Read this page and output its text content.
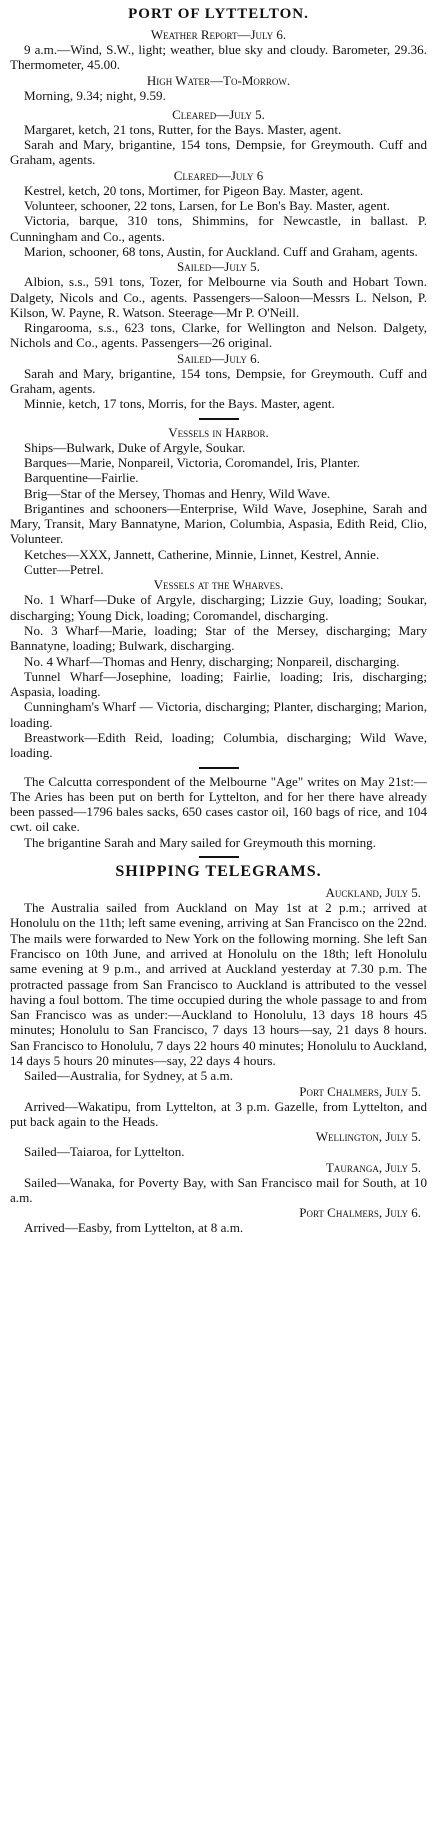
PORT OF LYTTELTON.
Weather Report—July 6.

9 a.m.—Wind, S.W., light; weather, blue sky and cloudy. Barometer, 29.36. Thermometer, 45.00.

High Water—To-Morrow.

Morning, 9.34; night, 9.59.

Cleared—July 5.

Margaret, ketch, 21 tons, Rutter, for the Bays. Master, agent.

Sarah and Mary, brigantine, 154 tons, Dempsie, for Greymouth. Cuff and Graham, agents.

Cleared—July 6

Kestrel, ketch, 20 tons, Mortimer, for Pigeon Bay. Master, agent.

Volunteer, schooner, 22 tons, Larsen, for Le Bon's Bay. Master, agent.

Victoria, barque, 310 tons, Shimmins, for Newcastle, in ballast. P. Cunningham and Co., agents.

Marion, schooner, 68 tons, Austin, for Auckland. Cuff and Graham, agents.

Sailed—July 5.

Albion, s.s., 591 tons, Tozer, for Melbourne via South and Hobart Town. Dalgety, Nicols and Co., agents. Passengers—Saloon—Messrs L. Nelson, P. Kilson, W. Payne, R. Watson. Steerage—Mr P. O'Neill.

Ringarooma, s.s., 623 tons, Clarke, for Wellington and Nelson. Dalgety, Nichols and Co., agents. Passengers—26 original.

Sailed—July 6.

Sarah and Mary, brigantine, 154 tons, Dempsie, for Greymouth. Cuff and Graham, agents.

Minnie, ketch, 17 tons, Morris, for the Bays. Master, agent.

Vessels in Harbor.

Ships—Bulwark, Duke of Argyle, Soukar.

Barques—Marie, Nonpareil, Victoria, Coromandel, Iris, Planter.

Barquentine—Fairlie.

Brig—Star of the Mersey, Thomas and Henry, Wild Wave.

Brigantines and schooners—Enterprise, Wild Wave, Josephine, Sarah and Mary, Transit, Mary Bannatyne, Marion, Columbia, Aspasia, Edith Reid, Clio, Volunteer.

Ketches—XXX, Jannett, Catherine, Minnie, Linnet, Kestrel, Annie.

Cutter—Petrel.

Vessels at the Wharves.

No. 1 Wharf—Duke of Argyle, discharging; Lizzie Guy, loading; Soukar, discharging; Young Dick, loading; Coromandel, discharging.

No. 3 Wharf—Marie, loading; Star of the Mersey, discharging; Mary Bannatyne, loading; Bulwark, discharging.

No. 4 Wharf—Thomas and Henry, discharging; Nonpareil, discharging.

Tunnel Wharf—Josephine, loading; Fairlie, loading; Iris, discharging; Aspasia, loading.

Cunningham's Wharf — Victoria, discharging; Planter, discharging; Marion, loading.

Breastwork—Edith Reid, loading; Columbia, discharging; Wild Wave, loading.

The Calcutta correspondent of the Melbourne "Age" writes on May 21st:—The Aries has been put on berth for Lyttelton, and for her there have already been passed—1796 bales sacks, 650 cases castor oil, 160 bags of rice, and 104 cwt. oil cake.

The brigantine Sarah and Mary sailed for Greymouth this morning.

SHIPPING TELEGRAMS.
Auckland, July 5.

The Australia sailed from Auckland on May 1st at 2 p.m.; arrived at Honolulu on the 11th; left same evening, arriving at San Francisco on the 22nd. The mails were forwarded to New York on the following morning. She left San Francisco on 10th June, and arrived at Honolulu on the 18th; left Honolulu same evening at 9 p.m., and arrived at Auckland yesterday at 7.30 p.m. The protracted passage from San Francisco to Auckland is attributed to the vessel having a foul bottom. The time occupied during the whole passage to and from San Francisco was as under:—Auckland to Honolulu, 13 days 18 hours 45 minutes; Honolulu to San Francisco, 7 days 13 hours—say, 21 days 8 hours. San Francisco to Honolulu, 7 days 22 hours 40 minutes; Honolulu to Auckland, 14 days 5 hours 20 minutes—say, 22 days 4 hours.

Sailed—Australia, for Sydney, at 5 a.m.

Port Chalmers, July 5.

Arrived—Wakatipu, from Lyttelton, at 3 p.m. Gazelle, from Lyttelton, and put back again to the Heads.

Wellington, July 5.

Sailed—Taiaroa, for Lyttelton.

Tauranga, July 5.

Sailed—Wanaka, for Poverty Bay, with San Francisco mail for South, at 10 a.m.

Port Chalmers, July 6.

Arrived—Easby, from Lyttelton, at 8 a.m.
